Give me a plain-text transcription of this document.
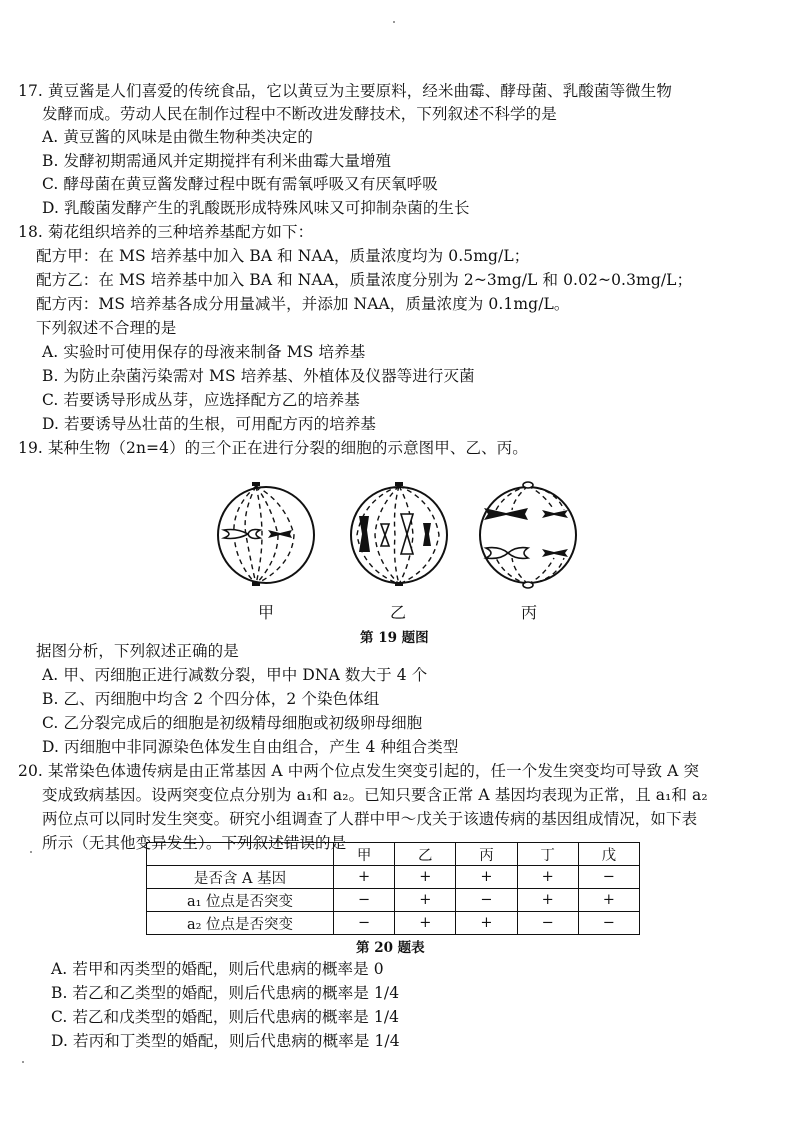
17. 黄豆酱是人们喜爱的传统食品，它以黄豆为主要原料，经米曲霉、酵母菌、乳酸菌等微生物
发酵而成。劳动人民在制作过程中不断改进发酵技术，下列叙述不科学的是
A. 黄豆酱的风味是由微生物种类决定的
B. 发酵初期需通风并定期搅拌有利米曲霉大量增殖
C. 酵母菌在黄豆酱发酵过程中既有需氧呼吸又有厌氧呼吸
D. 乳酸菌发酵产生的乳酸既形成特殊风味又可抑制杂菌的生长
18. 菊花组织培养的三种培养基配方如下：
配方甲：在 MS 培养基中加入 BA 和 NAA，质量浓度均为 0.5mg/L；
配方乙：在 MS 培养基中加入 BA 和 NAA，质量浓度分别为 2~3mg/L 和 0.02~0.3mg/L；
配方丙：MS 培养基各成分用量减半，并添加 NAA，质量浓度为 0.1mg/L。
下列叙述不合理的是
A. 实验时可使用保存的母液来制备 MS 培养基
B. 为防止杂菌污染需对 MS 培养基、外植体及仪器等进行灭菌
C. 若要诱导形成丛芽，应选择配方乙的培养基
D. 若要诱导丛壮苗的生根，可用配方丙的培养基
19. 某种生物（2n=4）的三个正在进行分裂的细胞的示意图甲、乙、丙。
甲	乙	丙
第 19 题图
据图分析，下列叙述正确的是
A. 甲、丙细胞正进行减数分裂，甲中 DNA 数大于 4 个
B. 乙、丙细胞中均含 2 个四分体，2 个染色体组
C. 乙分裂完成后的细胞是初级精母细胞或初级卵母细胞
D. 丙细胞中非同源染色体发生自由组合，产生 4 种组合类型
20. 某常染色体遗传病是由正常基因 A 中两个位点发生突变引起的，任一个发生突变均可导致 A 突
变成致病基因。设两突变位点分别为 a₁和 a₂。已知只要含正常 A 基因均表现为正常，且 a₁和 a₂
两位点可以同时发生突变。研究小组调查了人群中甲～戊关于该遗传病的基因组成情况，如下表
所示（无其他变异发生）。下列叙述错误的是
	甲	乙	丙	丁	戊
是否含 A 基因	+	+	+	+	−
a₁ 位点是否突变	−	+	−	+	+
a₂ 位点是否突变	−	+	+	−	−
第 20 题表
A. 若甲和丙类型的婚配，则后代患病的概率是 0
B. 若乙和乙类型的婚配，则后代患病的概率是 1/4
C. 若乙和戊类型的婚配，则后代患病的概率是 1/4
D. 若丙和丁类型的婚配，则后代患病的概率是 1/4
